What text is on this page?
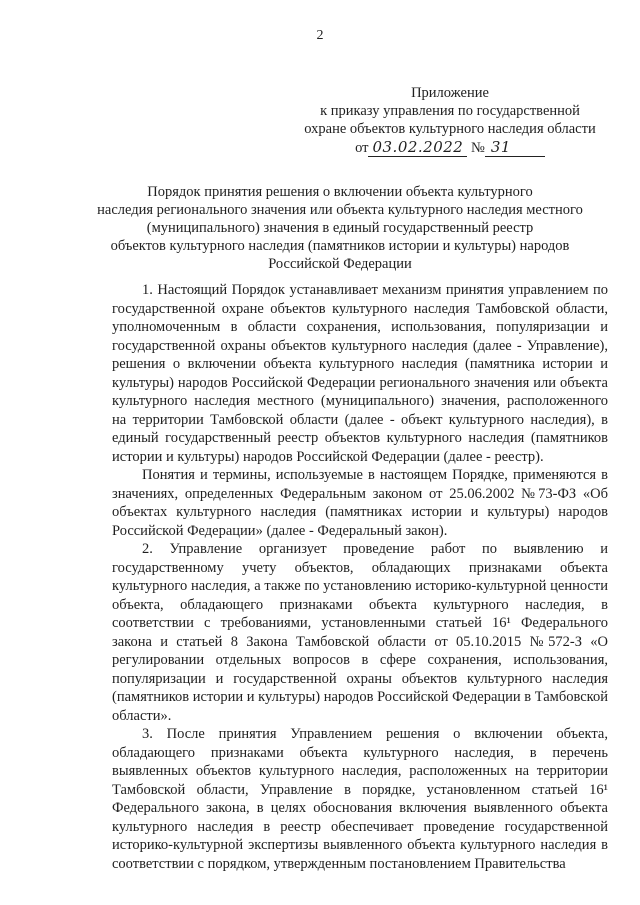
2
Приложение
к приказу управления по государственной
охране объектов культурного наследия области
от 03.02.2022 № 31
Порядок принятия решения о включении объекта культурного
наследия регионального значения или объекта культурного наследия местного
(муниципального) значения в единый государственный реестр
объектов культурного наследия (памятников истории и культуры) народов
Российской Федерации

1. Настоящий Порядок устанавливает механизм принятия управлением по государственной охране объектов культурного наследия Тамбовской области, уполномоченным в области сохранения, использования, популяризации и государственной охраны объектов культурного наследия (далее - Управление), решения о включении объекта культурного наследия (памятника истории и культуры) народов Российской Федерации регионального значения или объекта культурного наследия местного (муниципального) значения, расположенного на территории Тамбовской области (далее - объект культурного наследия), в единый государственный реестр объектов культурного наследия (памятников истории и культуры) народов Российской Федерации (далее - реестр).

Понятия и термины, используемые в настоящем Порядке, применяются в значениях, определенных Федеральным законом от 25.06.2002 №73-ФЗ «Об объектах культурного наследия (памятниках истории и культуры) народов Российской Федерации» (далее - Федеральный закон).

2. Управление организует проведение работ по выявлению и государственному учету объектов, обладающих признаками объекта культурного наследия, а также по установлению историко-культурной ценности объекта, обладающего признаками объекта культурного наследия, в соответствии с требованиями, установленными статьей 16¹ Федерального закона и статьей 8 Закона Тамбовской области от 05.10.2015 №572-З «О регулировании отдельных вопросов в сфере сохранения, использования, популяризации и государственной охраны объектов культурного наследия (памятников истории и культуры) народов Российской Федерации в Тамбовской области».

3. После принятия Управлением решения о включении объекта, обладающего признаками объекта культурного наследия, в перечень выявленных объектов культурного наследия, расположенных на территории Тамбовской области, Управление в порядке, установленном статьей 16¹ Федерального закона, в целях обоснования включения выявленного объекта культурного наследия в реестр обеспечивает проведение государственной историко-культурной экспертизы выявленного объекта культурного наследия в соответствии с порядком, утвержденным постановлением Правительства
